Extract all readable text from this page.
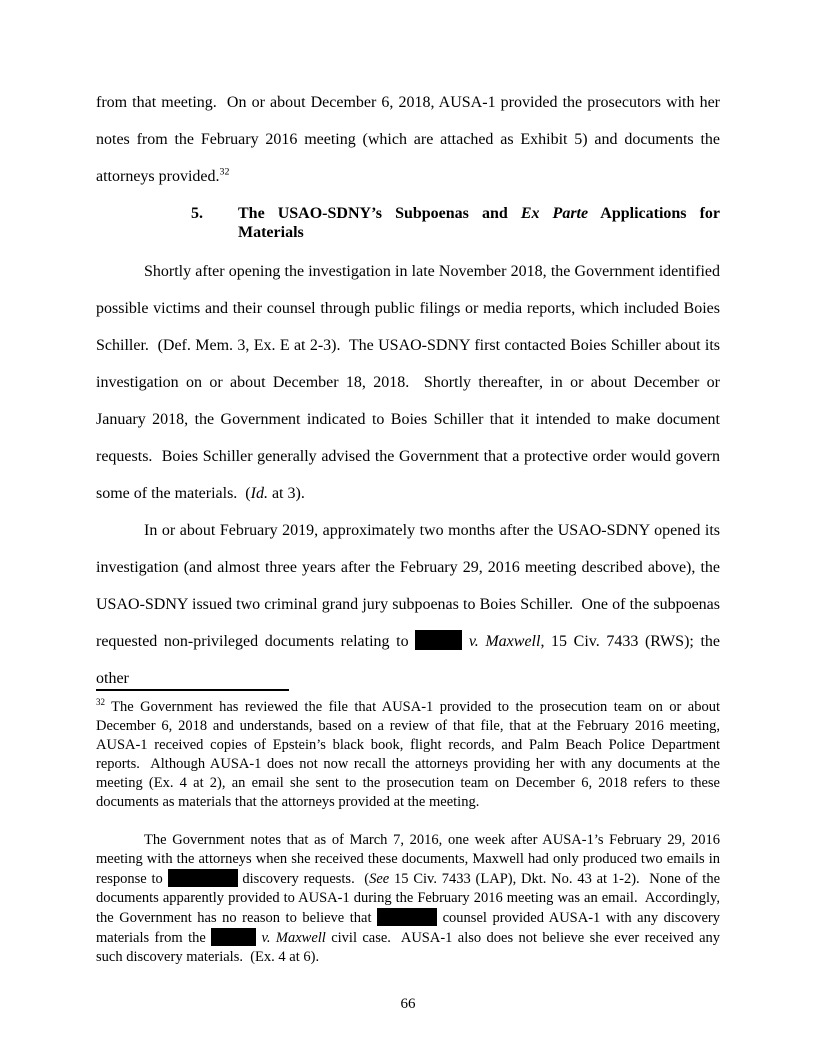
from that meeting.  On or about December 6, 2018, AUSA-1 provided the prosecutors with her notes from the February 2016 meeting (which are attached as Exhibit 5) and documents the attorneys provided.$^{32}$

5.	The USAO-SDNY’s Subpoenas and Ex Parte Applications for Materials

Shortly after opening the investigation in late November 2018, the Government identified possible victims and their counsel through public filings or media reports, which included Boies Schiller.  (Def. Mem. 3, Ex. E at 2-3).  The USAO-SDNY first contacted Boies Schiller about its investigation on or about December 18, 2018.  Shortly thereafter, in or about December or January 2018, the Government indicated to Boies Schiller that it intended to make document requests.  Boies Schiller generally advised the Government that a protective order would govern some of the materials.  (Id. at 3).

In or about February 2019, approximately two months after the USAO-SDNY opened its investigation (and almost three years after the February 29, 2016 meeting described above), the USAO-SDNY issued two criminal grand jury subpoenas to Boies Schiller.  One of the subpoenas requested non-privileged documents relating to	v. Maxwell, 15 Civ. 7433 (RWS); the other

$^{32}$ The Government has reviewed the file that AUSA-1 provided to the prosecution team on or about December 6, 2018 and understands, based on a review of that file, that at the February 2016 meeting, AUSA-1 received copies of Epstein’s black book, flight records, and Palm Beach Police Department reports.  Although AUSA-1 does not now recall the attorneys providing her with any documents at the meeting (Ex. 4 at 2), an email she sent to the prosecution team on December 6, 2018 refers to these documents as materials that the attorneys provided at the meeting.

The Government notes that as of March 7, 2016, one week after AUSA-1’s February 29, 2016 meeting with the attorneys when she received these documents, Maxwell had only produced two emails in response to	discovery requests.  (See 15 Civ. 7433 (LAP), Dkt. No. 43 at 1-2).  None of the documents apparently provided to AUSA-1 during the February 2016 meeting was an email.  Accordingly, the Government has no reason to believe that	counsel provided AUSA-1 with any discovery materials from the	v. Maxwell civil case.  AUSA-1 also does not believe she ever received any such discovery materials.  (Ex. 4 at 6).

66
